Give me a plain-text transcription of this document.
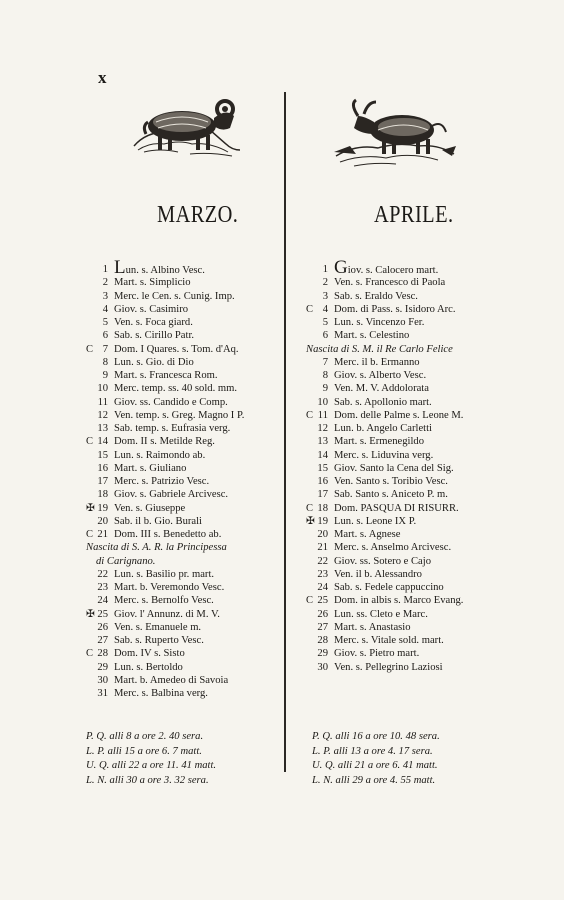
x
MARZO.	APRILE.
1 Lun. s. Albino Vesc.
2 Mart. s. Simplicio
3 Merc. le Cen. s. Cunig. Imp.
4 Giov. s. Casimiro
5 Ven. s. Foca giard.
6 Sab. s. Cirillo Patr.
C 7 Dom. I Quares. s. Tom. d'Aq.
8 Lun. s. Gio. di Dio
9 Mart. s. Francesca Rom.
10 Merc. temp. ss. 40 sold. mm.
11 Giov. ss. Candido e Comp.
12 Ven. temp. s. Greg. Magno I P.
13 Sab. temp. s. Eufrasia verg.
C 14 Dom. II s. Metilde Reg.
15 Lun. s. Raimondo ab.
16 Mart. s. Giuliano
17 Merc. s. Patrizio Vesc.
18 Giov. s. Gabriele Arcivesc.
✠ 19 Ven. s. Giuseppe
20 Sab. il b. Gio. Burali
C 21 Dom. III s. Benedetto ab.
Nascita di S. A. R. la Principessa
di Carignano.
22 Lun. s. Basilio pr. mart.
23 Mart. b. Veremondo Vesc.
24 Merc. s. Bernolfo Vesc.
✠ 25 Giov. l' Annunz. di M. V.
26 Ven. s. Emanuele m.
27 Sab. s. Ruperto Vesc.
C 28 Dom. IV s. Sisto
29 Lun. s. Bertoldo
30 Mart. b. Amedeo di Savoia
31 Merc. s. Balbina verg.
1 Giov. s. Calocero mart.
2 Ven. s. Francesco di Paola
3 Sab. s. Eraldo Vesc.
C 4 Dom. di Pass. s. Isidoro Arc.
5 Lun. s. Vincenzo Fer.
6 Mart. s. Celestino
Nascita di S. M. il Re Carlo Felice
7 Merc. il b. Ermanno
8 Giov. s. Alberto Vesc.
9 Ven. M. V. Addolorata
10 Sab. s. Apollonio mart.
C 11 Dom. delle Palme s. Leone M.
12 Lun. b. Angelo Carletti
13 Mart. s. Ermenegildo
14 Merc. s. Liduvina verg.
15 Giov. Santo la Cena del Sig.
16 Ven. Santo s. Toribio Vesc.
17 Sab. Santo s. Aniceto P. m.
C 18 Dom. PASQUA DI RISURR.
✠ 19 Lun. s. Leone IX P.
20 Mart. s. Agnese
21 Merc. s. Anselmo Arcivesc.
22 Giov. ss. Sotero e Cajo
23 Ven. il b. Alessandro
24 Sab. s. Fedele cappuccino
C 25 Dom. in albis s. Marco Evang.
26 Lun. ss. Cleto e Marc.
27 Mart. s. Anastasio
28 Merc. s. Vitale sold. mart.
29 Giov. s. Pietro mart.
30 Ven. s. Pellegrino Laziosi
P. Q. alli 8 a ore 2. 40 sera.
L. P. alli 15 a ore 6. 7 matt.
U. Q. alli 22 a ore 11. 41 matt.
L. N. alli 30 a ore 3. 32 sera.
P. Q. alli 16 a ore 10. 48 sera.
L. P. alli 13 a ore 4. 17 sera.
U. Q. alli 21 a ore 6. 41 matt.
L. N. alli 29 a ore 4. 55 matt.
